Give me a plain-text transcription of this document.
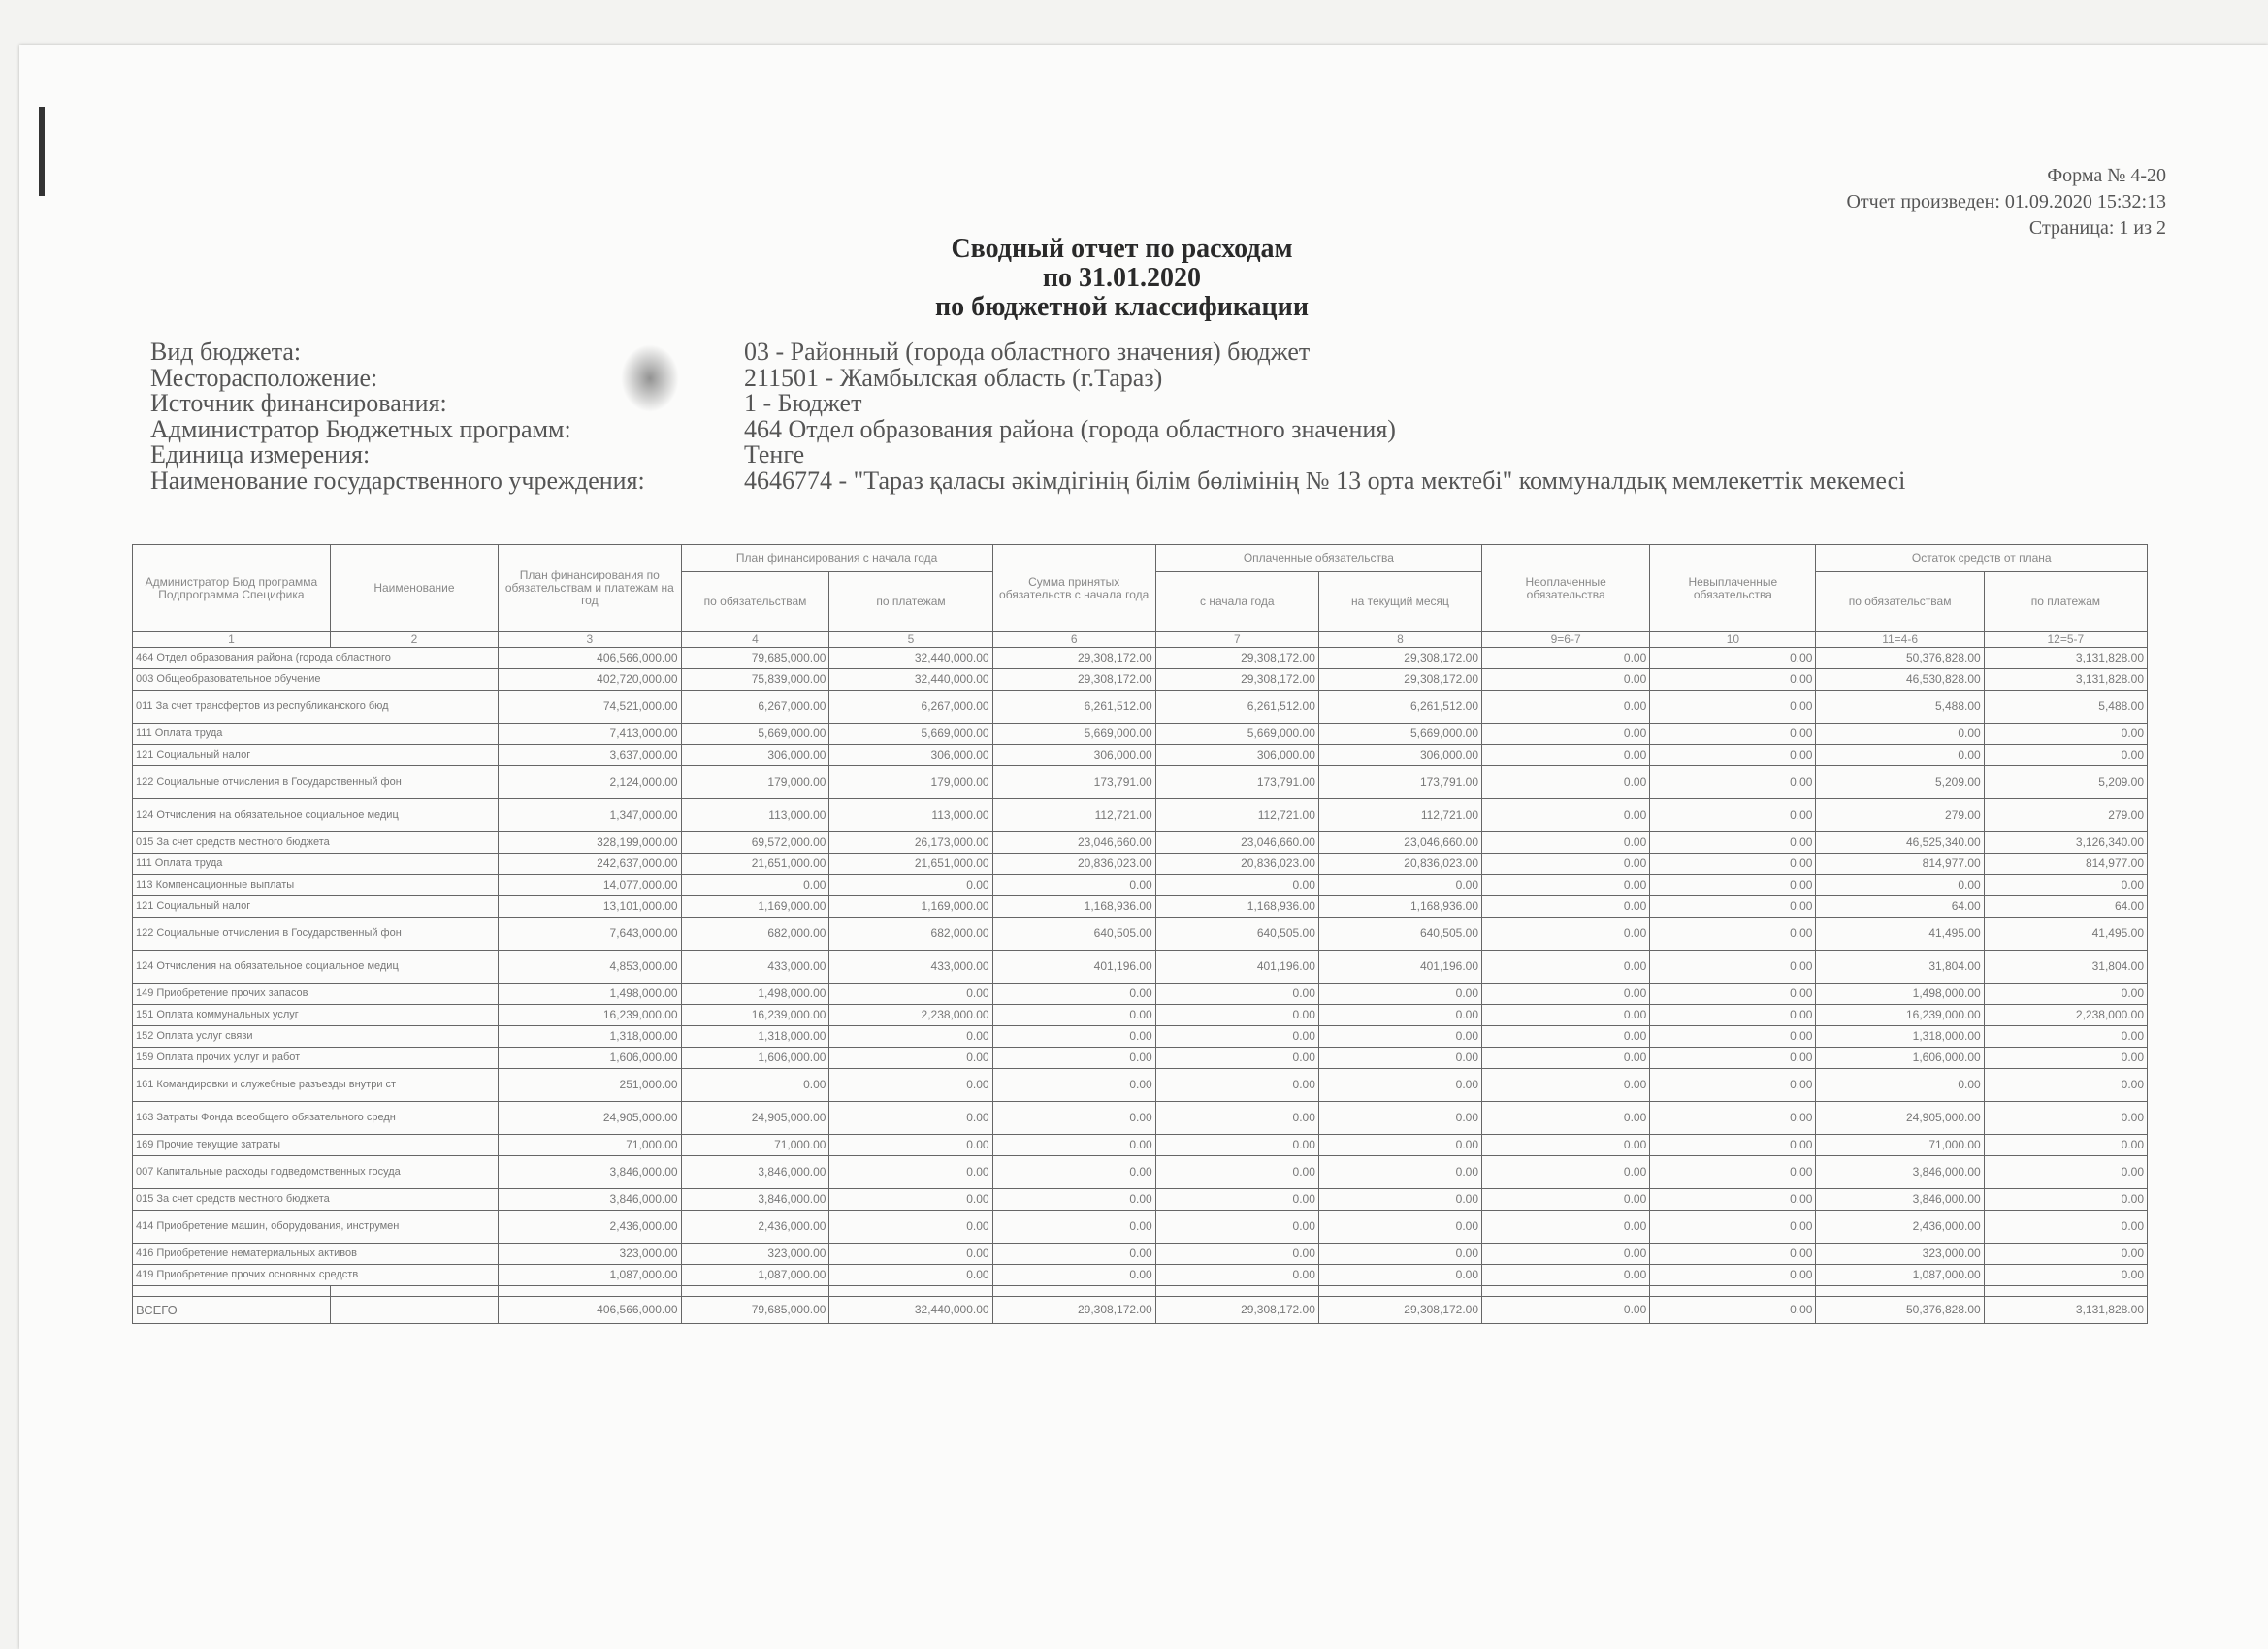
Форма № 4-20
Отчет произведен: 01.09.2020 15:32:13
Страница: 1 из 2
Сводный отчет по расходам
по 31.01.2020
по бюджетной классификации
Вид бюджета:	03 - Районный (города областного значения) бюджет
Месторасположение:	211501 - Жамбылская область (г.Тараз)
Источник финансирования:	1 - Бюджет
Администратор Бюджетных программ:	464 Отдел образования района (города областного значения)
Единица измерения:	Тенге
Наименование государственного учреждения:	4646774 - "Тараз қаласы әкімдігінің білім бөлімінің № 13 орта мектебі" коммуналдық мемлекеттік мекемесі
Администратор Бюд программа Подпрограмма Специфика	Наименование	План финансирования по обязательствам и платежам на год	План финансирования с начала года		Сумма принятых обязательств с начала года	Оплаченные обязательства		Неоплаченные обязательства	Невыплаченные обязательства	Остаток средств от плана	
			по обязательствам	по платежам		с начала года	на текущий месяц			по обязательствам	по платежам
1	2	3	4	5	6	7	8	9=6-7	10	11=4-6	12=5-7
464 Отдел образования района (города областного		406,566,000.00	79,685,000.00	32,440,000.00	29,308,172.00	29,308,172.00	29,308,172.00	0.00	0.00	50,376,828.00	3,131,828.00
003 Общеобразовательное обучение		402,720,000.00	75,839,000.00	32,440,000.00	29,308,172.00	29,308,172.00	29,308,172.00	0.00	0.00	46,530,828.00	3,131,828.00
011 За счет трансфертов из республиканского бюд		74,521,000.00	6,267,000.00	6,267,000.00	6,261,512.00	6,261,512.00	6,261,512.00	0.00	0.00	5,488.00	5,488.00
111 Оплата труда		7,413,000.00	5,669,000.00	5,669,000.00	5,669,000.00	5,669,000.00	5,669,000.00	0.00	0.00	0.00	0.00
121 Социальный налог		3,637,000.00	306,000.00	306,000.00	306,000.00	306,000.00	306,000.00	0.00	0.00	0.00	0.00
122 Социальные отчисления в Государственный фон		2,124,000.00	179,000.00	179,000.00	173,791.00	173,791.00	173,791.00	0.00	0.00	5,209.00	5,209.00
124 Отчисления на обязательное социальное медиц		1,347,000.00	113,000.00	113,000.00	112,721.00	112,721.00	112,721.00	0.00	0.00	279.00	279.00
015 За счет средств местного бюджета		328,199,000.00	69,572,000.00	26,173,000.00	23,046,660.00	23,046,660.00	23,046,660.00	0.00	0.00	46,525,340.00	3,126,340.00
111 Оплата труда		242,637,000.00	21,651,000.00	21,651,000.00	20,836,023.00	20,836,023.00	20,836,023.00	0.00	0.00	814,977.00	814,977.00
113 Компенсационные выплаты		14,077,000.00	0.00	0.00	0.00	0.00	0.00	0.00	0.00	0.00	0.00
121 Социальный налог		13,101,000.00	1,169,000.00	1,169,000.00	1,168,936.00	1,168,936.00	1,168,936.00	0.00	0.00	64.00	64.00
122 Социальные отчисления в Государственный фон		7,643,000.00	682,000.00	682,000.00	640,505.00	640,505.00	640,505.00	0.00	0.00	41,495.00	41,495.00
124 Отчисления на обязательное социальное медиц		4,853,000.00	433,000.00	433,000.00	401,196.00	401,196.00	401,196.00	0.00	0.00	31,804.00	31,804.00
149 Приобретение прочих запасов		1,498,000.00	1,498,000.00	0.00	0.00	0.00	0.00	0.00	0.00	1,498,000.00	0.00
151 Оплата коммунальных услуг		16,239,000.00	16,239,000.00	2,238,000.00	0.00	0.00	0.00	0.00	0.00	16,239,000.00	2,238,000.00
152 Оплата услуг связи		1,318,000.00	1,318,000.00	0.00	0.00	0.00	0.00	0.00	0.00	1,318,000.00	0.00
159 Оплата прочих услуг и работ		1,606,000.00	1,606,000.00	0.00	0.00	0.00	0.00	0.00	0.00	1,606,000.00	0.00
161 Командировки и служебные разъезды внутри ст		251,000.00	0.00	0.00	0.00	0.00	0.00	0.00	0.00	0.00	0.00
163 Затраты Фонда всеобщего обязательного средн		24,905,000.00	24,905,000.00	0.00	0.00	0.00	0.00	0.00	0.00	24,905,000.00	0.00
169 Прочие текущие затраты		71,000.00	71,000.00	0.00	0.00	0.00	0.00	0.00	0.00	71,000.00	0.00
007 Капитальные расходы подведомственных госуда		3,846,000.00	3,846,000.00	0.00	0.00	0.00	0.00	0.00	0.00	3,846,000.00	0.00
015 За счет средств местного бюджета		3,846,000.00	3,846,000.00	0.00	0.00	0.00	0.00	0.00	0.00	3,846,000.00	0.00
414 Приобретение машин, оборудования, инструмен		2,436,000.00	2,436,000.00	0.00	0.00	0.00	0.00	0.00	0.00	2,436,000.00	0.00
416 Приобретение нематериальных активов		323,000.00	323,000.00	0.00	0.00	0.00	0.00	0.00	0.00	323,000.00	0.00
419 Приобретение прочих основных средств		1,087,000.00	1,087,000.00	0.00	0.00	0.00	0.00	0.00	0.00	1,087,000.00	0.00

ВСЕГО		406,566,000.00	79,685,000.00	32,440,000.00	29,308,172.00	29,308,172.00	29,308,172.00	0.00	0.00	50,376,828.00	3,131,828.00
